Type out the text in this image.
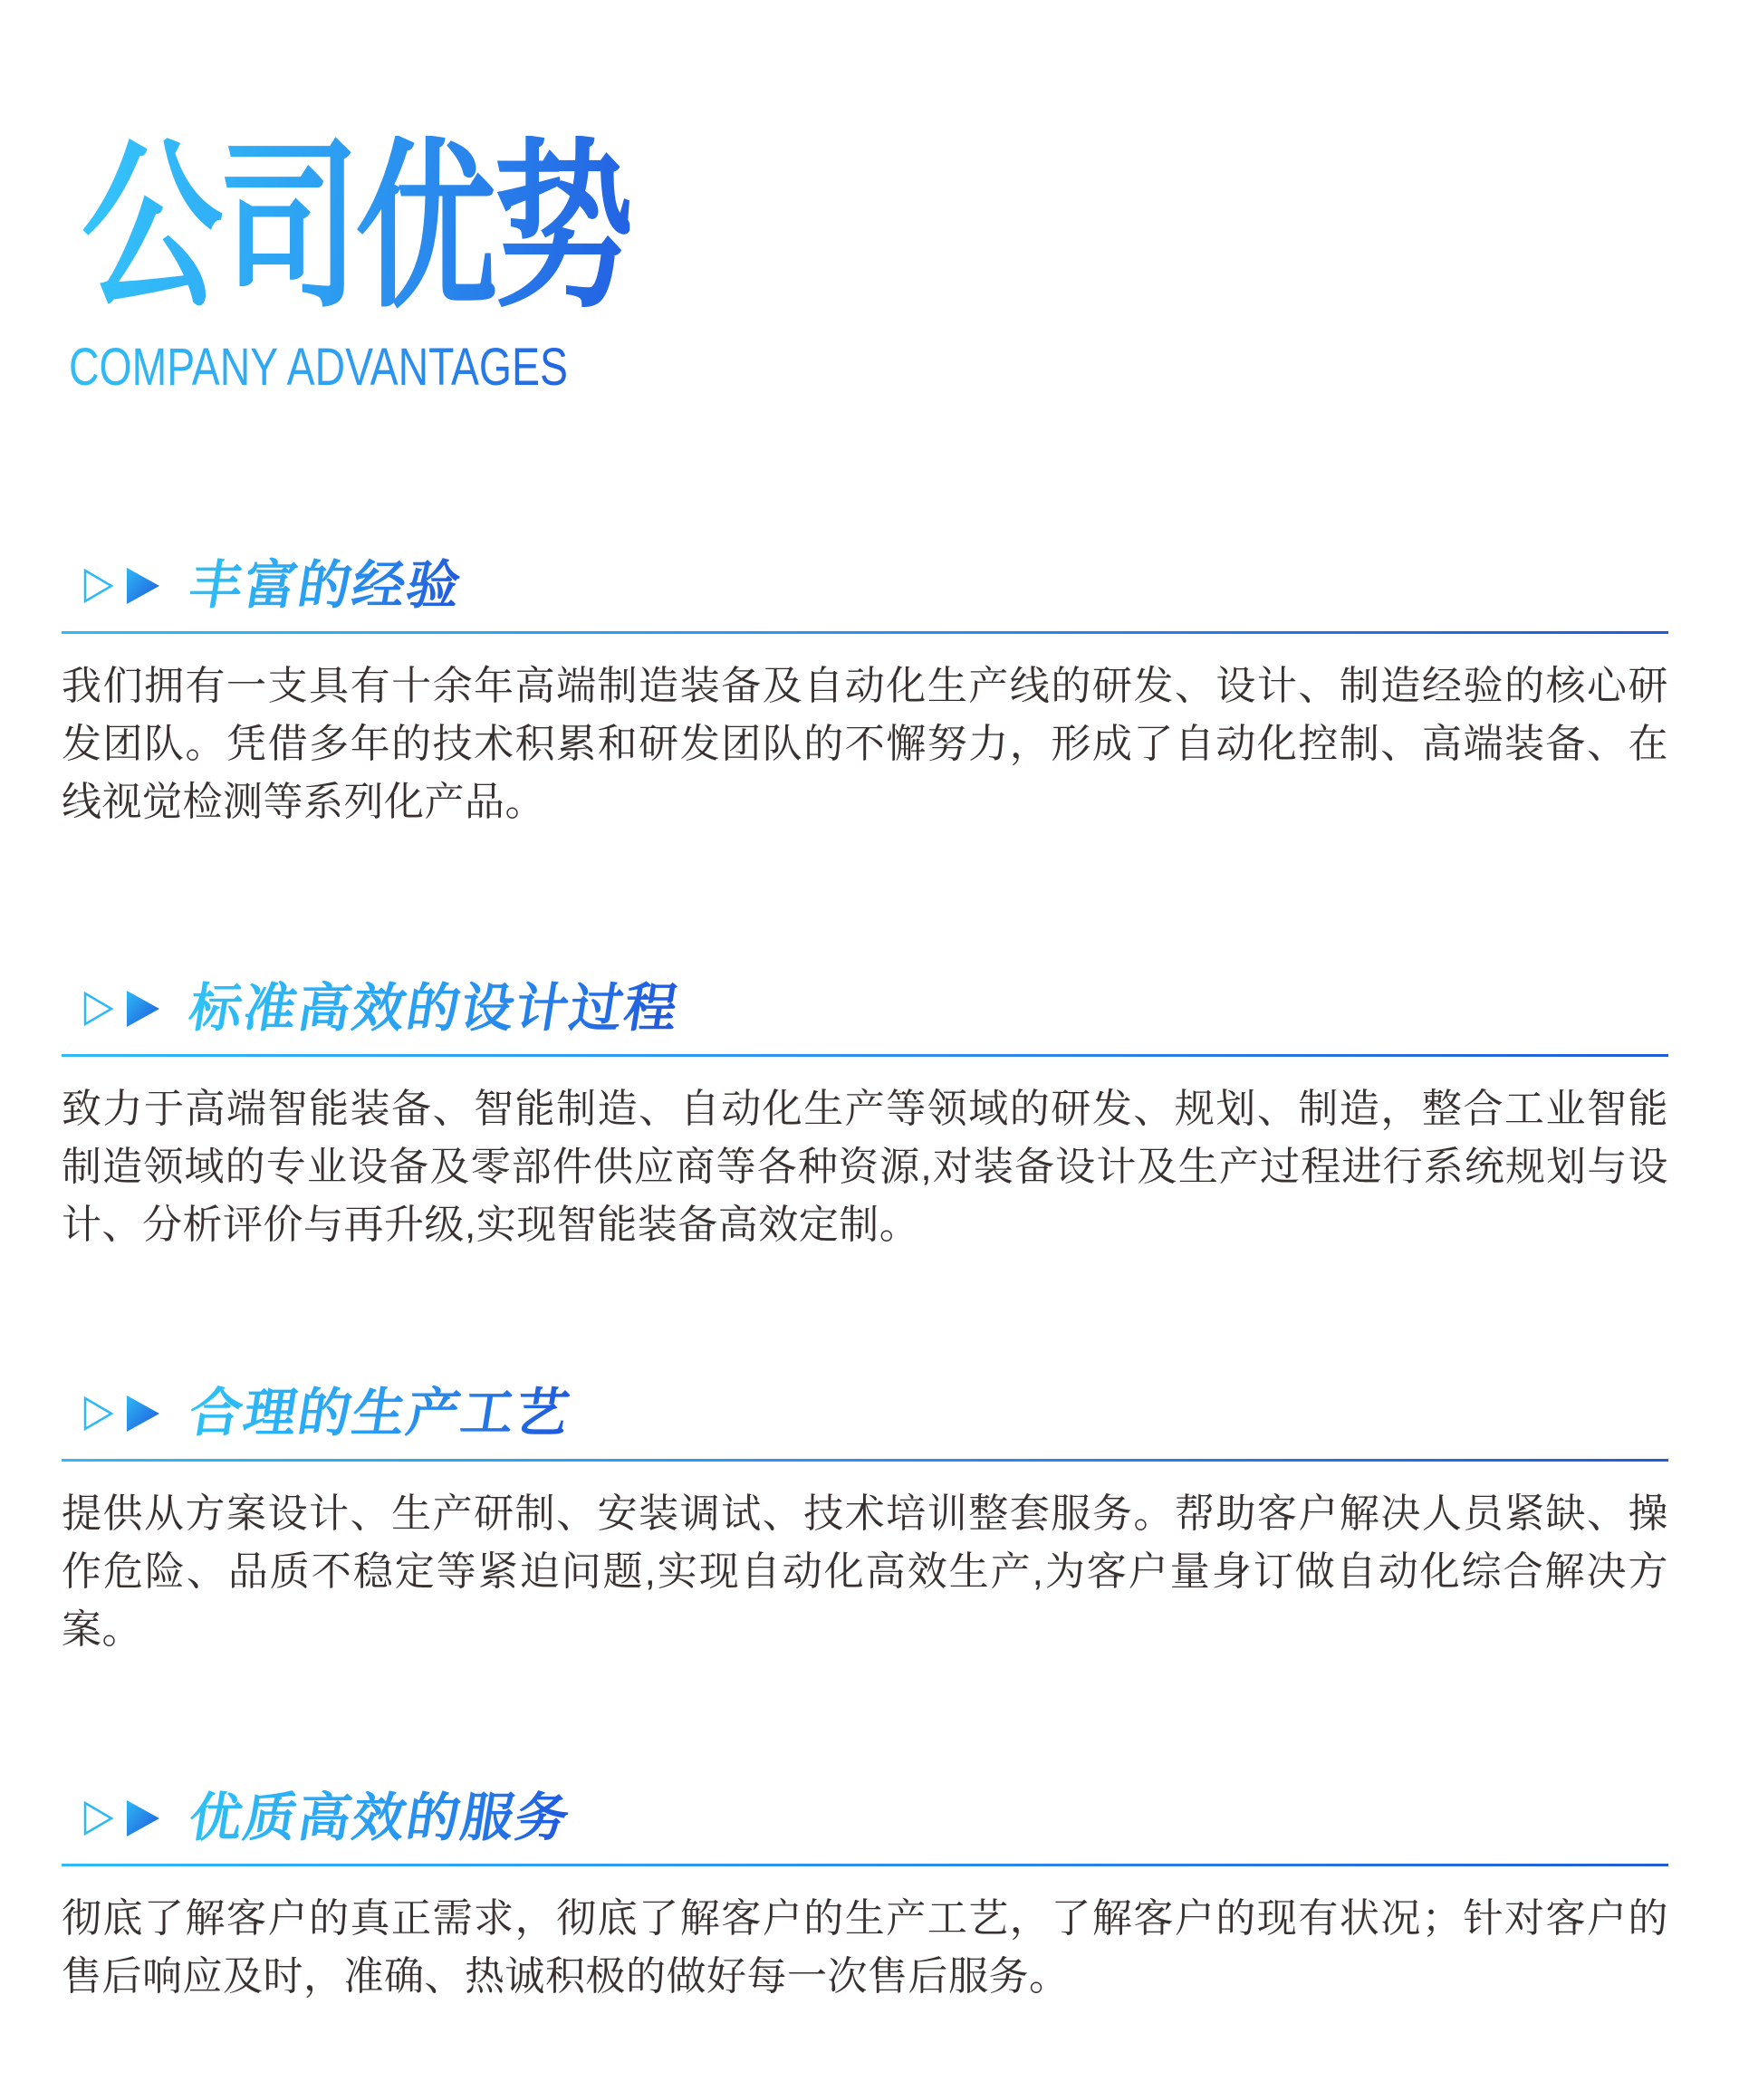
公司优势
COMPANY ADVANTAGES
丰富的经验

我们拥有一支具有十余年高端制造装备及自动化生产线的研发、设计、制造经验的核心研发团队。凭借多年的技术积累和研发团队的不懈努力，形成了自动化控制、高端装备、在线视觉检测等系列化产品。

标准高效的设计过程

致力于高端智能装备、智能制造、自动化生产等领域的研发、规划、制造，整合工业智能制造领域的专业设备及零部件供应商等各种资源,对装备设计及生产过程进行系统规划与设计、分析评价与再升级,实现智能装备高效定制。

合理的生产工艺

提供从方案设计、生产研制、安装调试、技术培训整套服务。帮助客户解决人员紧缺、操作危险、品质不稳定等紧迫问题,实现自动化高效生产,为客户量身订做自动化综合解决方案。

优质高效的服务

彻底了解客户的真正需求，彻底了解客户的生产工艺，了解客户的现有状况；针对客户的售后响应及时，准确、热诚积极的做好每一次售后服务。
